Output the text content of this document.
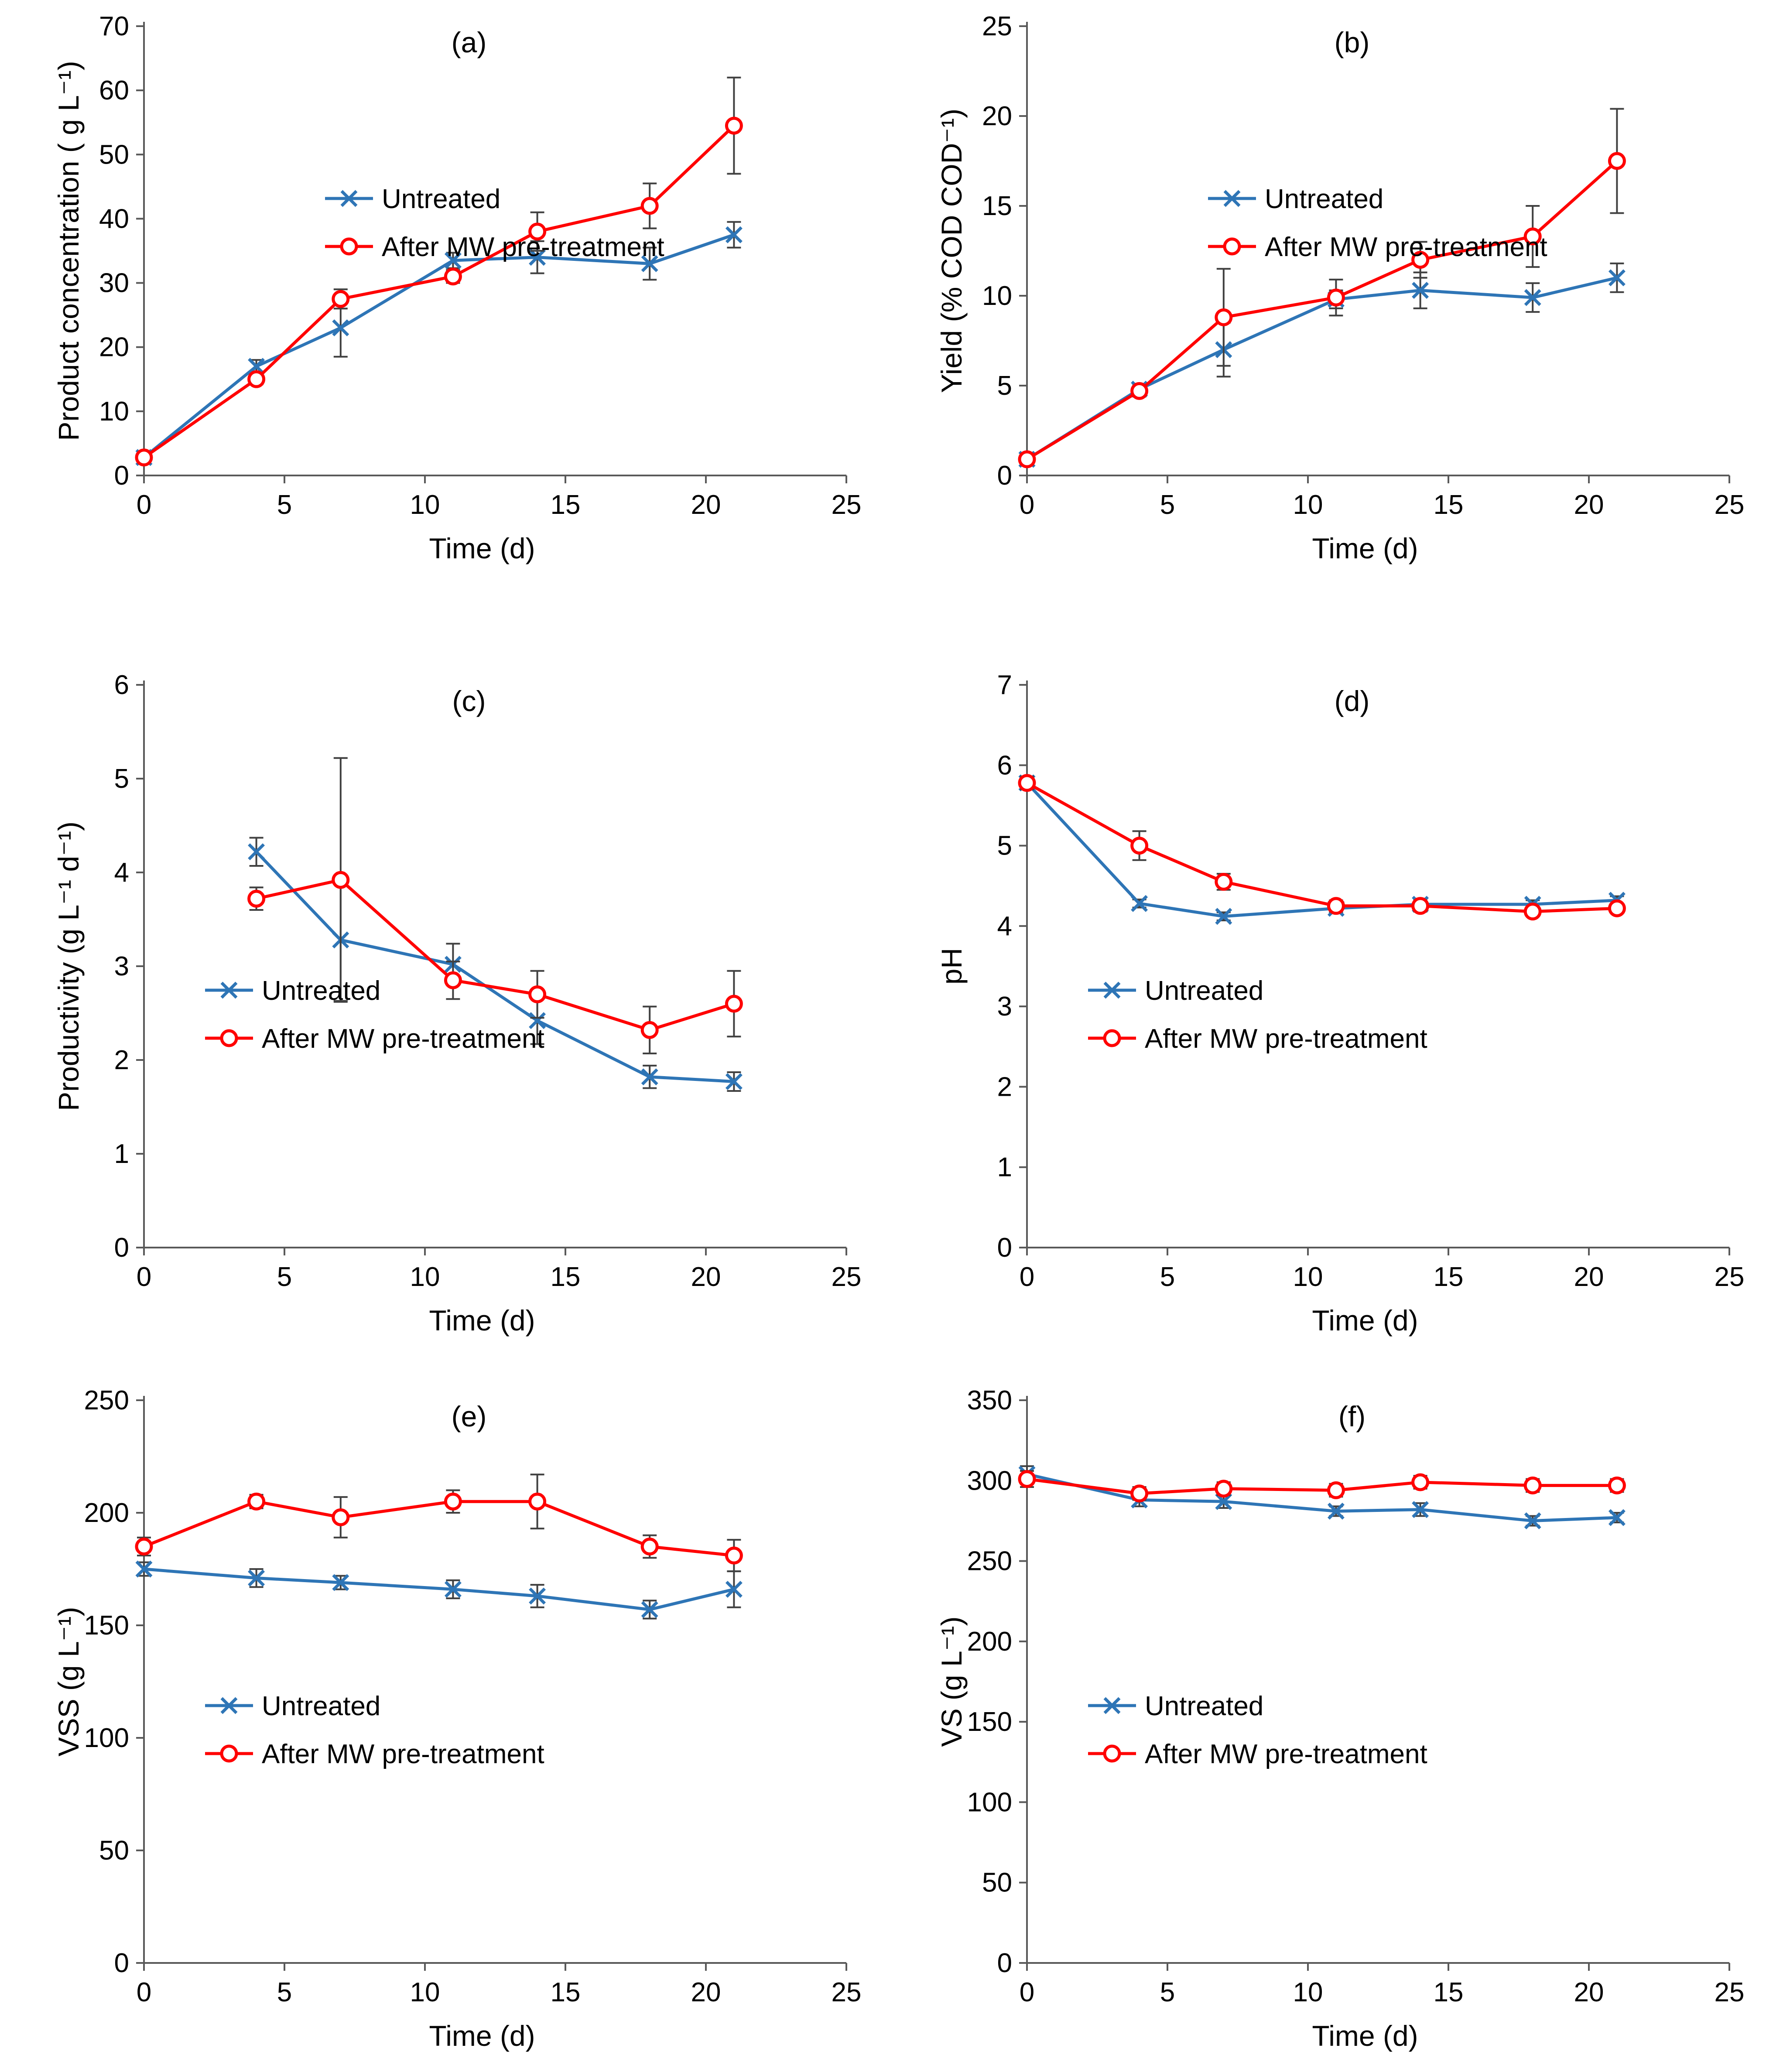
0
10
20
30
40
50
60
70
0	5	10	15	20	25
Time (d)
Product concentration ( g L⁻¹)
(a)
Untreated
After MW pre-treatment
0
5
10
15
20
25
0	5	10	15	20	25
Time (d)
Yield (% COD COD⁻¹)
(b)
Untreated
After MW pre-treatment
0
1
2
3
4
5
6
0	5	10	15	20	25
Time (d)
Productivity (g L⁻¹ d⁻¹)
(c)
Untreated
After MW pre-treatment
0
1
2
3
4
5
6
7
0	5	10	15	20	25
Time (d)
pH
(d)
Untreated
After MW pre-treatment
0
50
100
150
200
250
0	5	10	15	20	25
Time (d)
VSS (g L⁻¹)
(e)
Untreated
After MW pre-treatment
0
50
100
150
200
250
300
350
0	5	10	15	20	25
Time (d)
VS (g L⁻¹)
(f)
Untreated
After MW pre-treatment
